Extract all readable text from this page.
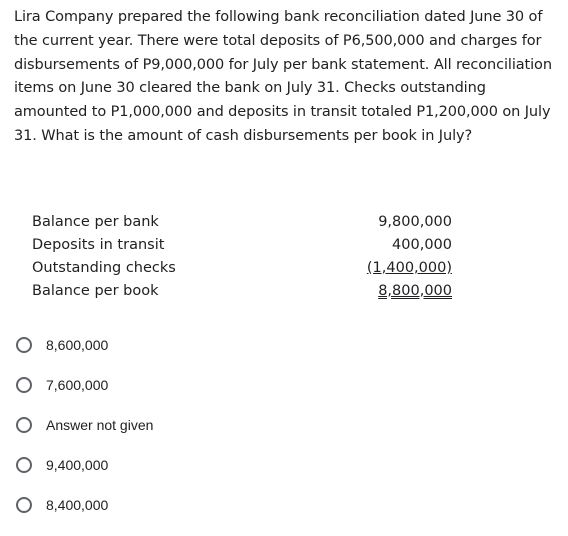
Lira Company prepared the following bank reconciliation dated June 30 of the current year. There were total deposits of P6,500,000 and charges for disbursements of P9,000,000 for July per bank statement. All reconciliation items on June 30 cleared the bank on July 31. Checks outstanding amounted to P1,000,000 and deposits in transit totaled P1,200,000 on July 31. What is the amount of cash disbursements per book in July?
Balance per bank	9,800,000
Deposits in transit	400,000
Outstanding checks	(1,400,000)
Balance per book	8,800,000
8,600,000
7,600,000
Answer not given
9,400,000
8,400,000
